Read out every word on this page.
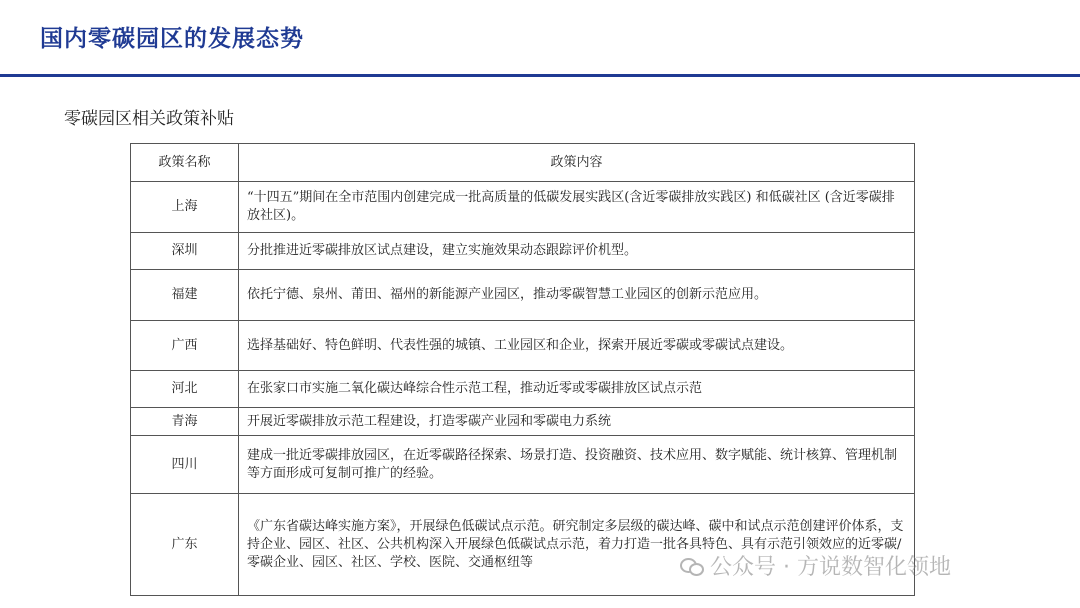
国内零碳园区的发展态势
零碳园区相关政策补贴
政策名称	政策内容
上海	“十四五”期间在全市范围内创建完成一批高质量的低碳发展实践区(含近零碳排放实践区) 和低碳社区 (含近零碳排放社区)。
深圳	分批推进近零碳排放区试点建设，建立实施效果动态跟踪评价机型。
福建	依托宁德、泉州、莆田、福州的新能源产业园区，推动零碳智慧工业园区的创新示范应用。
广西	选择基础好、特色鲜明、代表性强的城镇、工业园区和企业，探索开展近零碳或零碳试点建设。
河北	在张家口市实施二氧化碳达峰综合性示范工程，推动近零或零碳排放区试点示范
青海	开展近零碳排放示范工程建设，打造零碳产业园和零碳电力系统
四川	建成一批近零碳排放园区，在近零碳路径探索、场景打造、投资融资、技术应用、数字赋能、统计核算、管理机制等方面形成可复制可推广的经验。
广东	《广东省碳达峰实施方案》，开展绿色低碳试点示范。研究制定多层级的碳达峰、碳中和试点示范创建评价体系，支持企业、园区、社区、公共机构深入开展绿色低碳试点示范，着力打造一批各具特色、具有示范引领效应的近零碳/零碳企业、园区、社区、学校、医院、交通枢纽等	公众号 · 方说数智化领地
